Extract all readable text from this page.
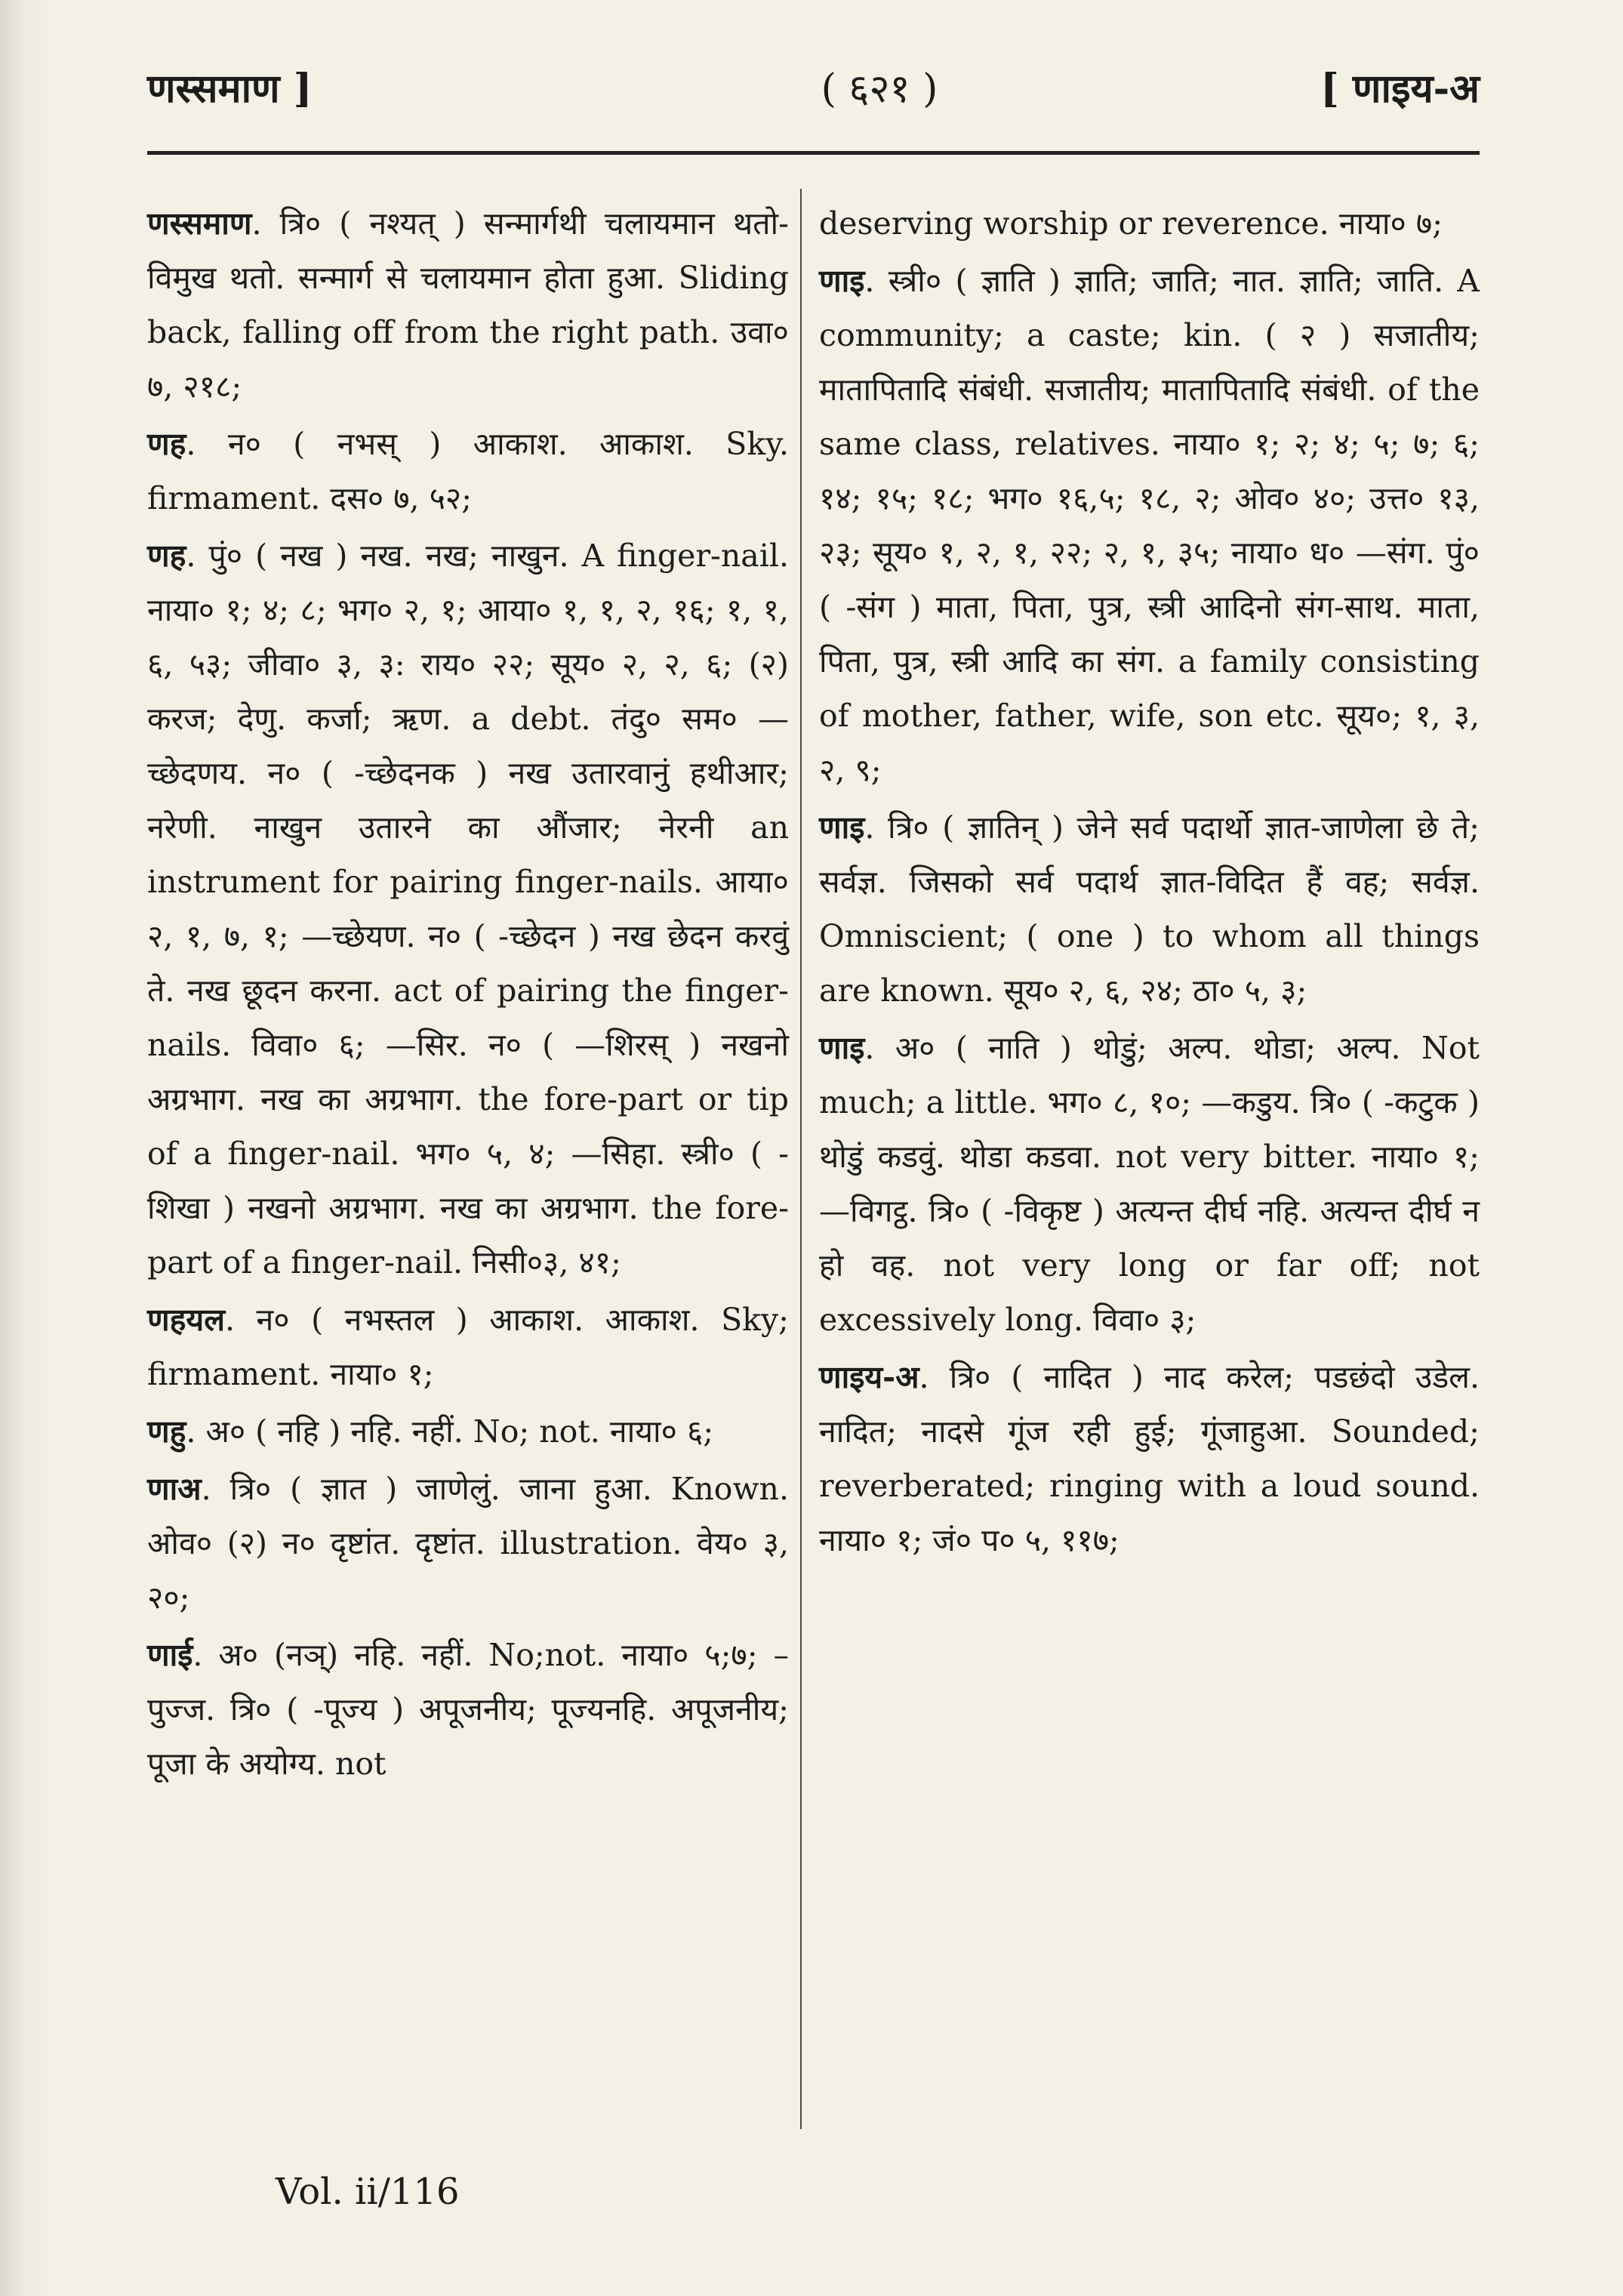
णस्समाण ]	( ६२१ )	[ णाइय-अ

णस्समाण. त्रि० ( नश्यत् ) सन्मार्गथी चलायमान थतो-विमुख थतो. सन्मार्ग से चलायमान होता हुआ. Sliding back, falling off from the right path. उवा० ७, २१८;

णह. न० ( नभस् ) आकाश. आकाश. Sky. firmament. दस० ७, ५२;

णह. पुं० ( नख ) नख. नख; नाखुन. A finger-nail. नाया० १; ४; ८; भग० २, १; आया० १, १, २, १६; १, १, ६, ५३; जीवा० ३, ३: राय० २२; सूय० २, २, ६; (२) करज; देणु. कर्जा; ऋण. a debt. तंदु० सम० —च्छेदणय. न० ( -च्छेदनक ) नख उतारवानुं हथीआर; नरेणी. नाखुन उतारने का औंजार; नेरनी an instrument for pairing finger-nails. आया० २, १, ७, १; —च्छेयण. न० ( -च्छेदन ) नख छेदन करवुं ते. नख छूदन करना. act of pairing the finger-nails. विवा० ६; —सिर. न० ( —शिरस् ) नखनो अग्रभाग. नख का अग्रभाग. the fore-part or tip of a finger-nail. भग० ५, ४; —सिहा. स्त्री० ( -शिखा ) नखनो अग्रभाग. नख का अग्रभाग. the fore-part of a finger-nail. निसी०३, ४१;

णहयल. न० ( नभस्तल ) आकाश. आकाश. Sky; firmament. नाया० १;

णहु. अ० ( नहि ) नहि. नहीं. No; not. नाया० ६;

णाअ. त्रि० ( ज्ञात ) जाणेलुं. जाना हुआ. Known. ओव० (२) न० दृष्टांत. दृष्टांत. illustration. वेय० ३, २०;

णाई. अ० (नञ्) नहि. नहीं. No;not. नाया० ५;७; –पुज्ज. त्रि० ( -पूज्य ) अपूजनीय; पूज्यनहि. अपूजनीय; पूजा के अयोग्य. not

deserving worship or reverence. नाया० ७;

णाइ. स्त्री० ( ज्ञाति ) ज्ञाति; जाति; नात. ज्ञाति; जाति. A community; a caste; kin. ( २ ) सजातीय; मातापितादि संबंधी. सजातीय; मातापितादि संबंधी. of the same class, relatives. नाया० १; २; ४; ५; ७; ६; १४; १५; १८; भग० १६,५; १८, २; ओव० ४०; उत्त० १३, २३; सूय० १, २, १, २२; २, १, ३५; नाया० ध० —संग. पुं० ( -संग ) माता, पिता, पुत्र, स्त्री आदिनो संग-साथ. माता, पिता, पुत्र, स्त्री आदि का संग. a family consisting of mother, father, wife, son etc. सूय०; १, ३, २, ९;

णाइ. त्रि० ( ज्ञातिन् ) जेने सर्व पदार्थो ज्ञात-जाणेला छे ते; सर्वज्ञ. जिसको सर्व पदार्थ ज्ञात-विदित हैं वह; सर्वज्ञ. Omniscient; ( one ) to whom all things are known. सूय० २, ६, २४; ठा० ५, ३;

णाइ. अ० ( नाति ) थोडुं; अल्प. थोडा; अल्प. Not much; a little. भग० ८, १०; —कडुय. त्रि० ( -कटुक ) थोडुं कडवुं. थोडा कडवा. not very bitter. नाया० १; —विगट्ठ. त्रि० ( -विकृष्ट ) अत्यन्त दीर्घ नहि. अत्यन्त दीर्घ न हो वह. not very long or far off; not excessively long. विवा० ३;

णाइय-अ. त्रि० ( नादित ) नाद करेल; पडछंदो उडेल. नादित; नादसे गूंज रही हुई; गूंजाहुआ. Sounded; reverberated; ringing with a loud sound. नाया० १; जं० प० ५, ११७;

Vol. ii/116
